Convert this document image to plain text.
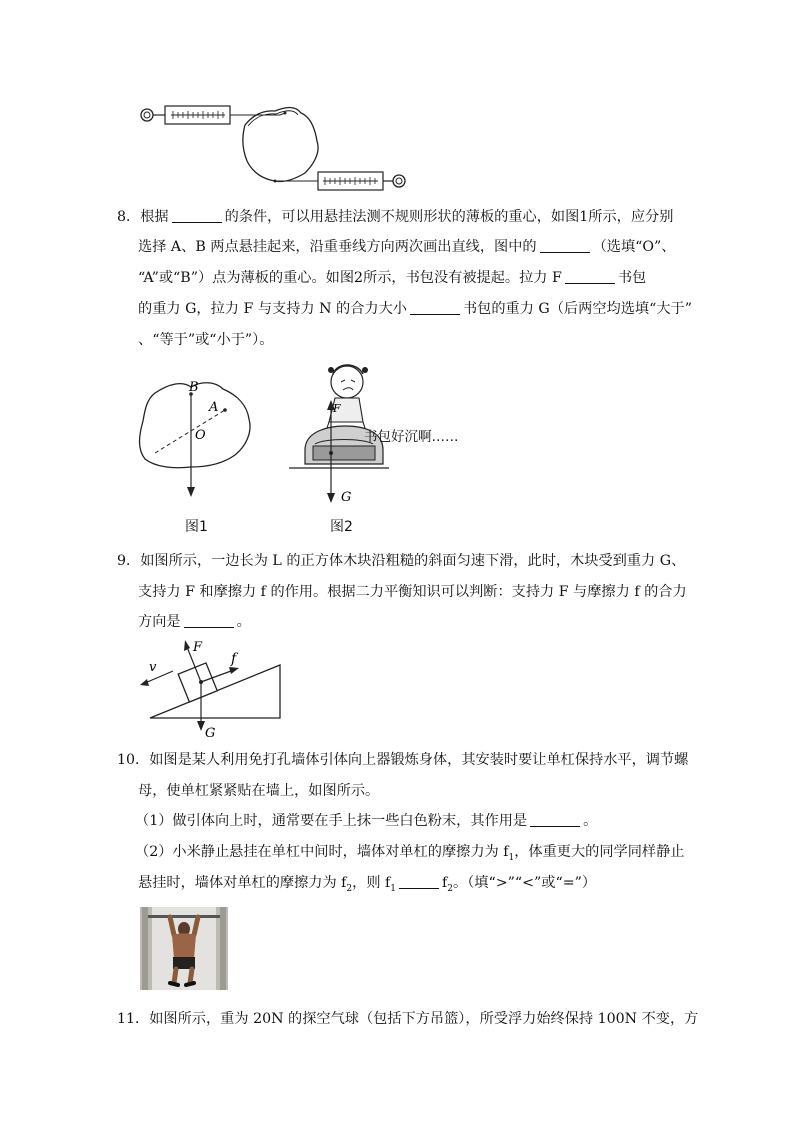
8．根据	的条件，可以用悬挂法测不规则形状的薄板的重心，如图1所示，应分别
选择 A、B 两点悬挂起来，沿重垂线方向两次画出直线，图中的	（选填“O”、
“A”或“B”）点为薄板的重心。如图2所示，书包没有被提起。拉力 F	书包
的重力 G，拉力 F 与支持力 N 的合力大小	书包的重力 G（后两空均选填“大于”
、“等于”或“小于”）。
B
A
O
图1
F
G
书包好沉啊……
图2
9．如图所示，一边长为 L 的正方体木块沿粗糙的斜面匀速下滑，此时，木块受到重力 G、
支持力 F 和摩擦力 f 的作用。根据二力平衡知识可以判断：支持力 F 与摩擦力 f 的合力
方向是	。
F
v
f
G
10．如图是某人利用免打孔墙体引体向上器锻炼身体，其安装时要让单杠保持水平，调节螺
母，使单杠紧紧贴在墙上，如图所示。
（1）做引体向上时，通常要在手上抹一些白色粉末，其作用是	。
（2）小米静止悬挂在单杠中间时，墙体对单杠的摩擦力为 $f_1$，体重更大的同学同样静止
悬挂时，墙体对单杠的摩擦力为 $f_2$，则 $f_1$	$f_2$。（填“>”“<”或“=”）
11．如图所示，重为 20N 的探空气球（包括下方吊篮），所受浮力始终保持 100N 不变，方
